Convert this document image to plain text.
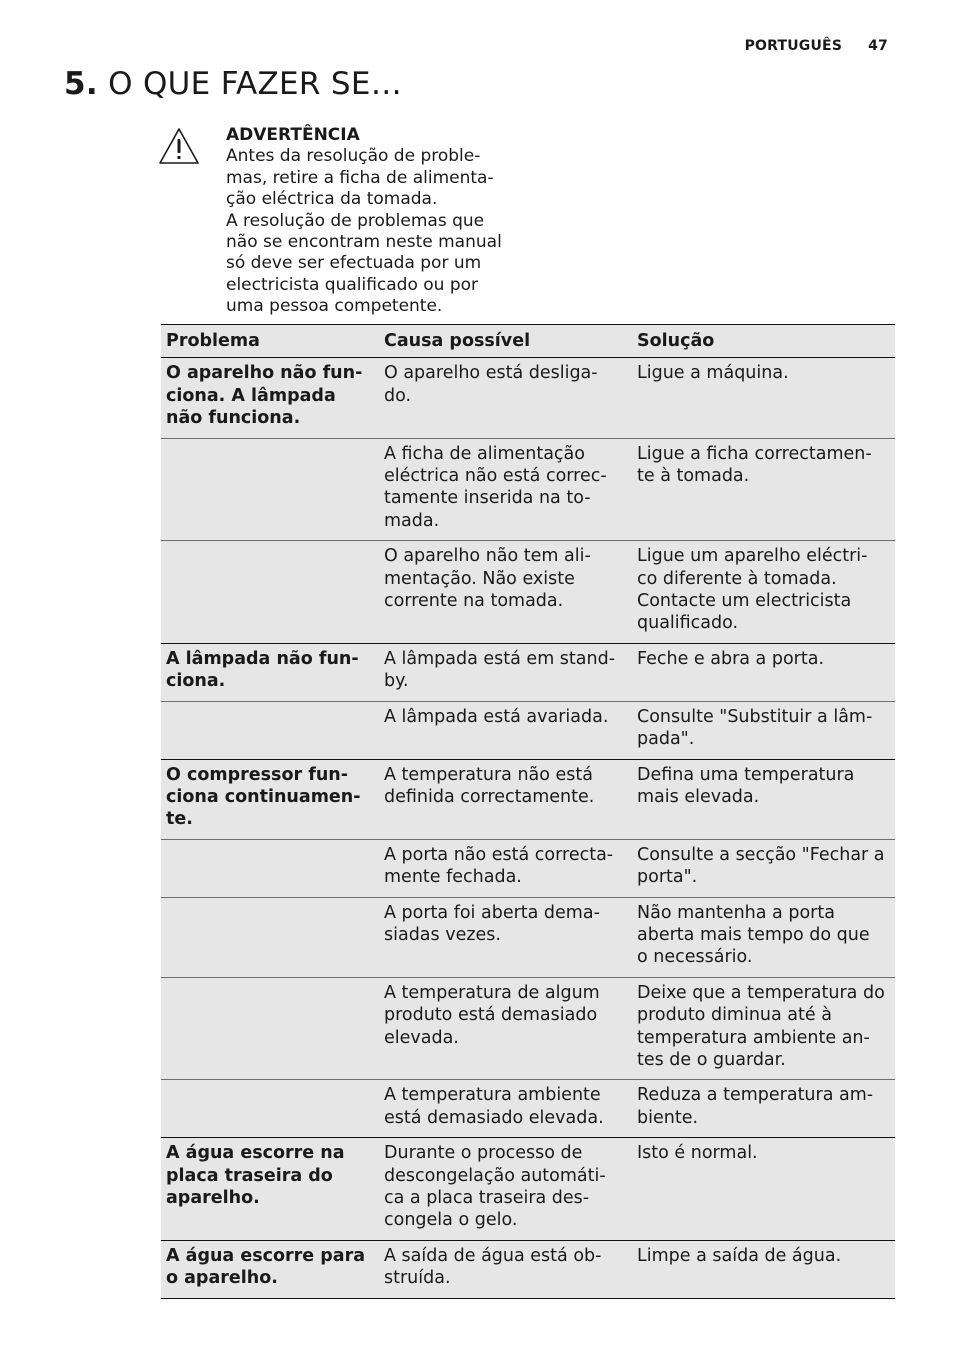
PORTUGUÊS 47
5. O QUE FAZER SE…

ADVERTÊNCIA

Antes da resolução de proble-mas, retire a ficha de alimenta-ção eléctrica da tomada.

A resolução de problemas que não se encontram neste manual só deve ser efectuada por um electricista qualificado ou por uma pessoa competente.

Problema	Causa possível	Solução
O aparelho não fun-ciona. A lâmpada não funciona.	O aparelho está desliga-do.	Ligue a máquina.
	A ficha de alimentação eléctrica não está correc-tamente inserida na to-mada.	Ligue a ficha correctamen-te à tomada.
	O aparelho não tem ali-mentação. Não existe corrente na tomada.	Ligue um aparelho eléctri-co diferente à tomada. Contacte um electricista qualificado.
A lâmpada não fun-ciona.	A lâmpada está em stand-by.	Feche e abra a porta.
	A lâmpada está avariada.	Consulte "Substituir a lâm-pada".
O compressor fun-ciona continuamen-te.	A temperatura não está definida correctamente.	Defina uma temperatura mais elevada.
	A porta não está correcta-mente fechada.	Consulte a secção "Fechar a porta".
	A porta foi aberta dema-siadas vezes.	Não mantenha a porta aberta mais tempo do que o necessário.
	A temperatura de algum produto está demasiado elevada.	Deixe que a temperatura do produto diminua até à temperatura ambiente an-tes de o guardar.
	A temperatura ambiente está demasiado elevada.	Reduza a temperatura am-biente.
A água escorre na placa traseira do aparelho.	Durante o processo de descongelação automáti-ca a placa traseira des-congela o gelo.	Isto é normal.
A água escorre para o aparelho.	A saída de água está ob-struída.	Limpe a saída de água.
